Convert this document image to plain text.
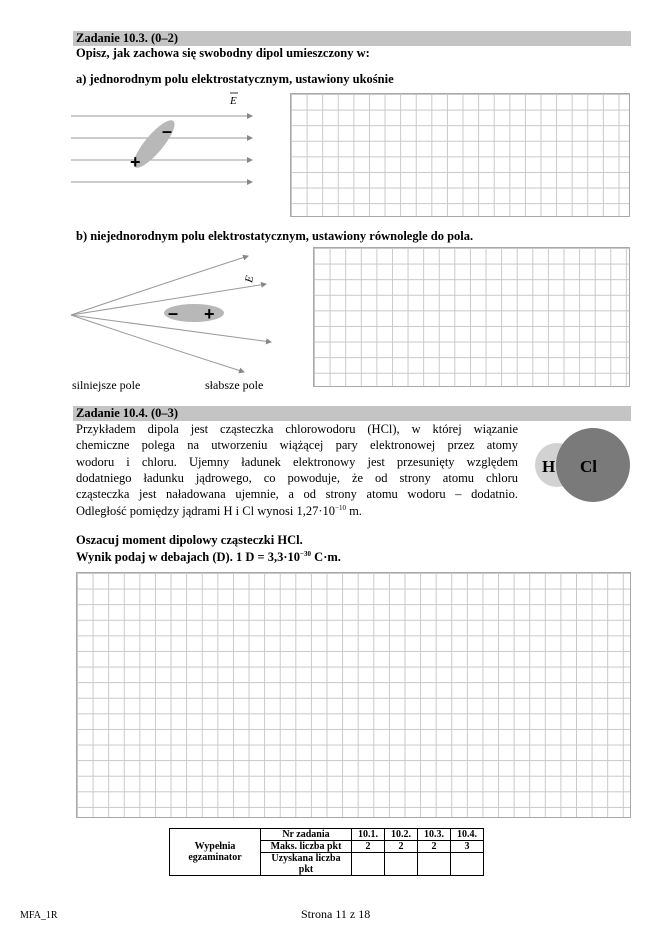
Zadanie 10.3. (0–2)
Opisz, jak zachowa się swobodny dipol umieszczony w:
a) jednorodnym polu elektrostatycznym, ustawiony ukośnie
–
+
E
b) niejednorodnym polu elektrostatycznym, ustawiony równolegle do pola.
– +
E
silniejsze pole	słabsze pole
Zadanie 10.4. (0–3)
Przykładem dipola jest cząsteczka chlorowodoru (HCl), w której wiązanie
chemiczne polega na utworzeniu wiążącej pary elektronowej przez atomy
wodoru i chloru. Ujemny ładunek elektronowy jest przesunięty względem
dodatniego ładunku jądrowego, co powoduje, że od strony atomu chloru
cząsteczka jest naładowana ujemnie, a od strony atomu wodoru – dodatnio.
Odległość pomiędzy jądrami H i Cl wynosi $1,27\cdot 10^{-10}$ m.
H Cl
Oszacuj moment dipolowy cząsteczki HCl.
Wynik podaj w debajach (D). 1 $D = 3,3\cdot 10^{-30}$ C·m.
Wypełnia egzaminator	Nr zadania	10.1.	10.2.	10.3.	10.4.
	Maks. liczba pkt	2	2	2	3
	Uzyskana liczba pkt				
MFA_1R	Strona 11 z 18
